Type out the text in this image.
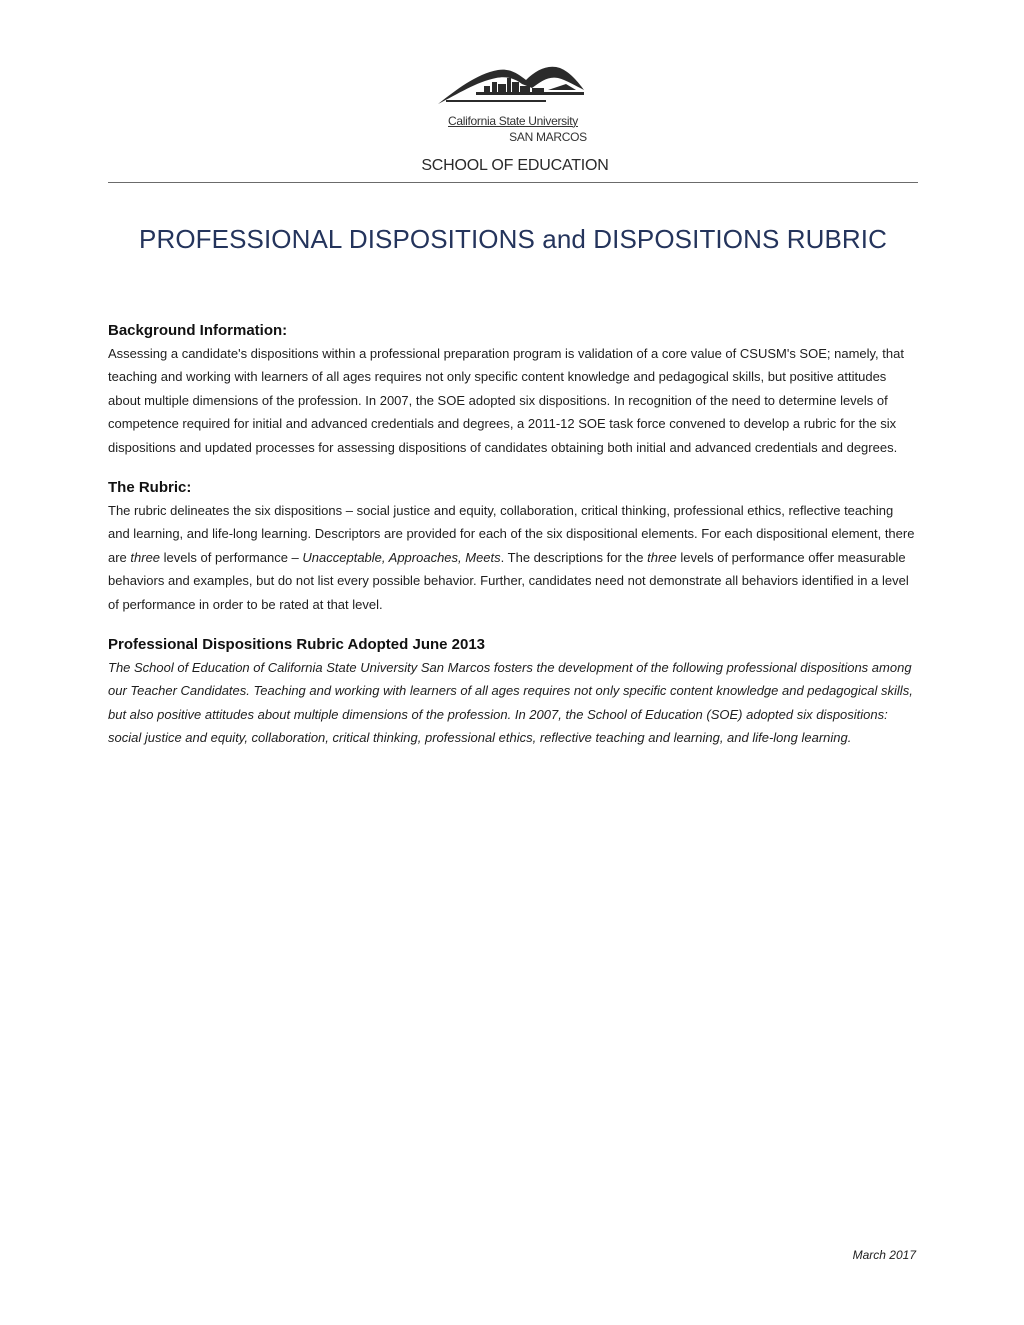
California State University
SAN MARCOS
SCHOOL OF EDUCATION
PROFESSIONAL DISPOSITIONS and DISPOSITIONS RUBRIC
Background Information:

Assessing a candidate's dispositions within a professional preparation program is validation of a core value of CSUSM's SOE; namely, that teaching and working with learners of all ages requires not only specific content knowledge and pedagogical skills, but positive attitudes about multiple dimensions of the profession. In 2007, the SOE adopted six dispositions. In recognition of the need to determine levels of competence required for initial and advanced credentials and degrees, a 2011-12 SOE task force convened to develop a rubric for the six dispositions and updated processes for assessing dispositions of candidates obtaining both initial and advanced credentials and degrees.

The Rubric:

The rubric delineates the six dispositions – social justice and equity, collaboration, critical thinking, professional ethics, reflective teaching and learning, and life-long learning. Descriptors are provided for each of the six dispositional elements. For each dispositional element, there are three levels of performance – Unacceptable, Approaches, Meets. The descriptions for the three levels of performance offer measurable behaviors and examples, but do not list every possible behavior. Further, candidates need not demonstrate all behaviors identified in a level of performance in order to be rated at that level.

Professional Dispositions Rubric Adopted June 2013

The School of Education of California State University San Marcos fosters the development of the following professional dispositions among our Teacher Candidates. Teaching and working with learners of all ages requires not only specific content knowledge and pedagogical skills, but also positive attitudes about multiple dimensions of the profession. In 2007, the School of Education (SOE) adopted six dispositions: social justice and equity, collaboration, critical thinking, professional ethics, reflective teaching and learning, and life-long learning.

March 2017
